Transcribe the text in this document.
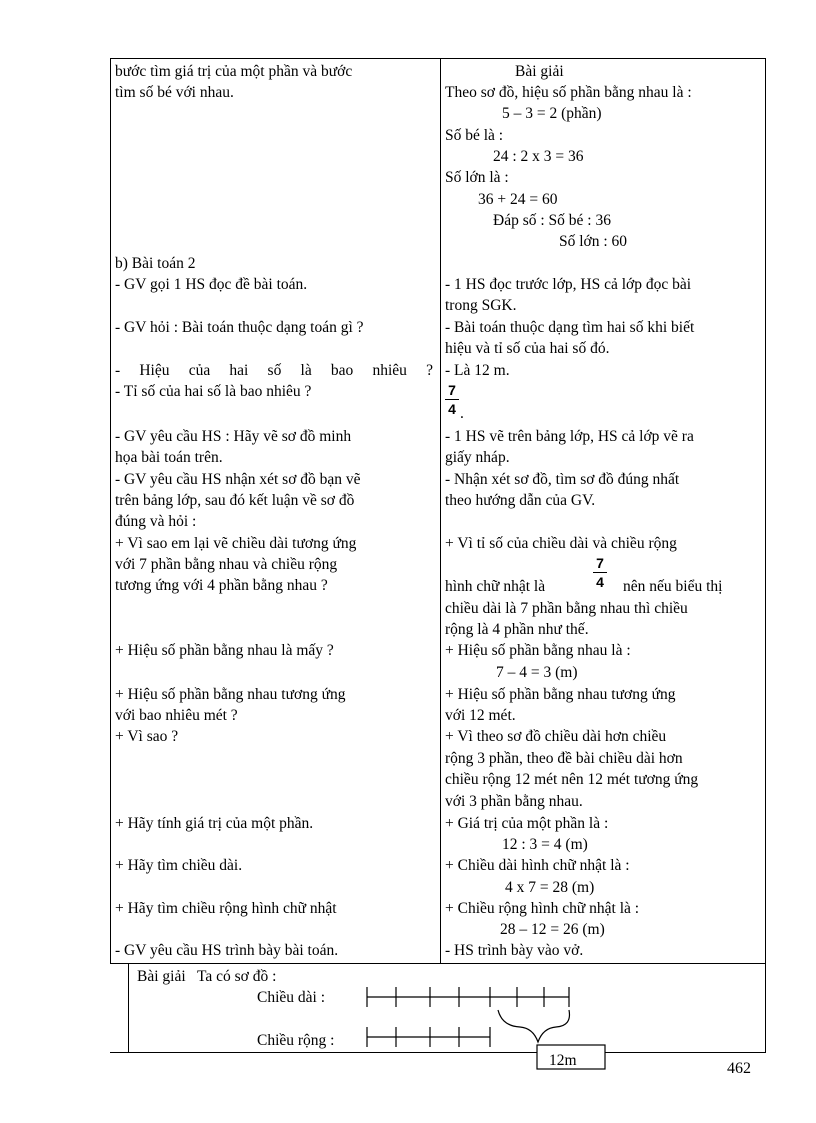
bước tìm giá trị của một phần và bước
tìm số bé với nhau.
b) Bài toán 2
- GV gọi 1 HS đọc đề bài toán.
- GV hỏi : Bài toán thuộc dạng toán gì ?
- Hiệu của hai số là bao nhiêu ?
- Tỉ số của hai số là bao nhiêu ?
- GV yêu cầu HS : Hãy vẽ sơ đồ minh
họa bài toán trên.
- GV yêu cầu HS nhận xét sơ đồ bạn vẽ
trên bảng lớp, sau đó kết luận về sơ đồ
đúng và hỏi :
+ Vì sao em lại vẽ chiều dài tương ứng
với 7 phần bằng nhau và chiều rộng
tương ứng với 4 phần bằng nhau ?
+ Hiệu số phần bằng nhau là mấy ?
+ Hiệu số phần bằng nhau tương ứng
với bao nhiêu mét ?
+ Vì sao ?
+ Hãy tính giá trị của một phần.
+ Hãy tìm chiều dài.
+ Hãy tìm chiều rộng hình chữ nhật
- GV yêu cầu HS trình bày bài toán.
Bài giải
Theo sơ đồ, hiệu số phần bằng nhau là :
5 – 3 = 2 (phần)
Số bé là :
24 : 2 x 3 = 36
Số lớn là :
36 + 24 = 60
Đáp số : Số bé : 36
Số lớn : 60
- 1 HS đọc trước lớp, HS cả lớp đọc bài
trong SGK.
- Bài toán thuộc dạng tìm hai số khi biết
hiệu và tỉ số của hai số đó.
- Là 12 m.
7
4 .
- 1 HS vẽ trên bảng lớp, HS cả lớp vẽ ra
giấy nháp.
- Nhận xét sơ đồ, tìm sơ đồ đúng nhất
theo hướng dẫn của GV.
+ Vì tỉ số của chiều dài và chiều rộng
hình chữ nhật là
7
4 nên nếu biểu thị
chiều dài là 7 phần bằng nhau thì chiều
rộng là 4 phần như thế.
+ Hiệu số phần bằng nhau là :
7 – 4 = 3 (m)
+ Hiệu số phần bằng nhau tương ứng
với 12 mét.
+ Vì theo sơ đồ chiều dài hơn chiều
rộng 3 phần, theo đề bài chiều dài hơn
chiều rộng 12 mét nên 12 mét tương ứng
với 3 phần bằng nhau.
+ Giá trị của một phần là :
12 : 3 = 4 (m)
+ Chiều dài hình chữ nhật là :
4 x 7 = 28 (m)
+ Chiều rộng hình chữ nhật là :
28 – 12 = 26 (m)
- HS trình bày vào vở.
Bài giải   Ta có sơ đồ :
Chiều dài :
Chiều rộng :
12m	462
